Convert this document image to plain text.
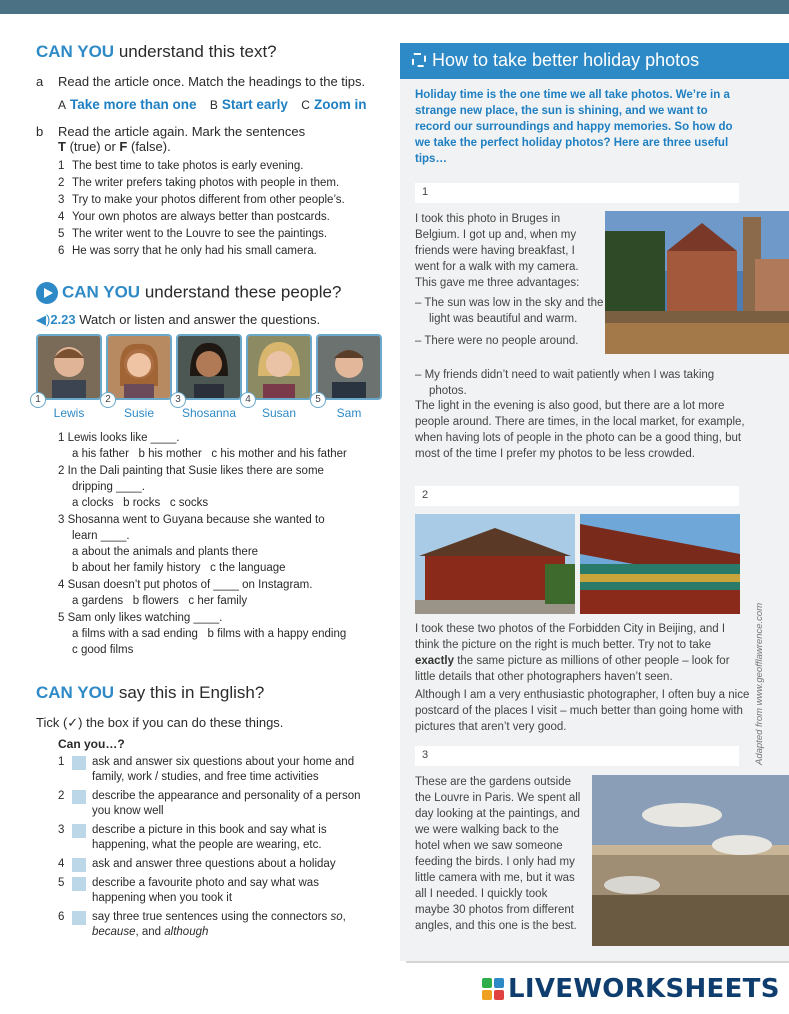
CAN YOU understand this text?
a	Read the article once. Match the headings to the tips.
A Take more than one B Start early C Zoom in
b	Read the article again. Mark the sentences
T (true) or F (false).
1 The best time to take photos is early evening.
2 The writer prefers taking photos with people in them.
3 Try to make your photos different from other people’s.
4 Your own photos are always better than postcards.
5 The writer went to the Louvre to see the paintings.
6 He was sorry that he only had his small camera.
CAN YOU understand these people?
◀)2.23 Watch or listen and answer the questions.
1
Lewis
2
Susie
3
Shosanna
4
Susan
5
Sam
1 Lewis looks like ____.
a his father b his mother c his mother and his father
2 In the Dali painting that Susie likes there are some
dripping ____.
a clocks b rocks c socks
3 Shosanna went to Guyana because she wanted to
learn ____.
a about the animals and plants there
b about her family history c the language
4 Susan doesn’t put photos of ____ on Instagram.
a gardens b flowers c her family
5 Sam only likes watching ____.
a films with a sad ending b films with a happy ending
c good films
CAN YOU say this in English?
Tick (✓) the box if you can do these things.
Can you…?
1	ask and answer six questions about your home and family, work / studies, and free time activities
2	describe the appearance and personality of a person you know well
3	describe a picture in this book and say what is happening, what the people are wearing, etc.
4	ask and answer three questions about a holiday
5	describe a favourite photo and say what was happening when you took it
6	say three true sentences using the connectors so, because, and although
How to take better holiday photos
Holiday time is the one time we all take photos. We’re in a strange new place, the sun is shining, and we want to record our surroundings and happy memories. So how do we take the perfect holiday photos? Here are three useful tips…
1
I took this photo in Bruges in Belgium. I got up and, when my friends were having breakfast, I went for a walk with my camera. This gave me three advantages:
– The sun was low in the sky and the light was beautiful and warm.
– There were no people around.
– My friends didn’t need to wait patiently when I was taking photos.
The light in the evening is also good, but there are a lot more people around. There are times, in the local market, for example, when having lots of people in the photo can be a good thing, but most of the time I prefer my photos to be less crowded.
2
I took these two photos of the Forbidden City in Beijing, and I think the picture on the right is much better. Try not to take exactly the same picture as millions of other people – look for little details that other photographers haven’t seen.
Although I am a very enthusiastic photographer, I often buy a nice postcard of the places I visit – much better than going home with pictures that aren’t very good.
3
These are the gardens outside the Louvre in Paris. We spent all day looking at the paintings, and we were walking back to the hotel when we saw someone feeding the birds. I only had my little camera with me, but it was all I needed. I quickly took maybe 30 photos from different angles, and this one is the best.
Adapted from www.geofflawrence.com
LIVEWORKSHEETS
